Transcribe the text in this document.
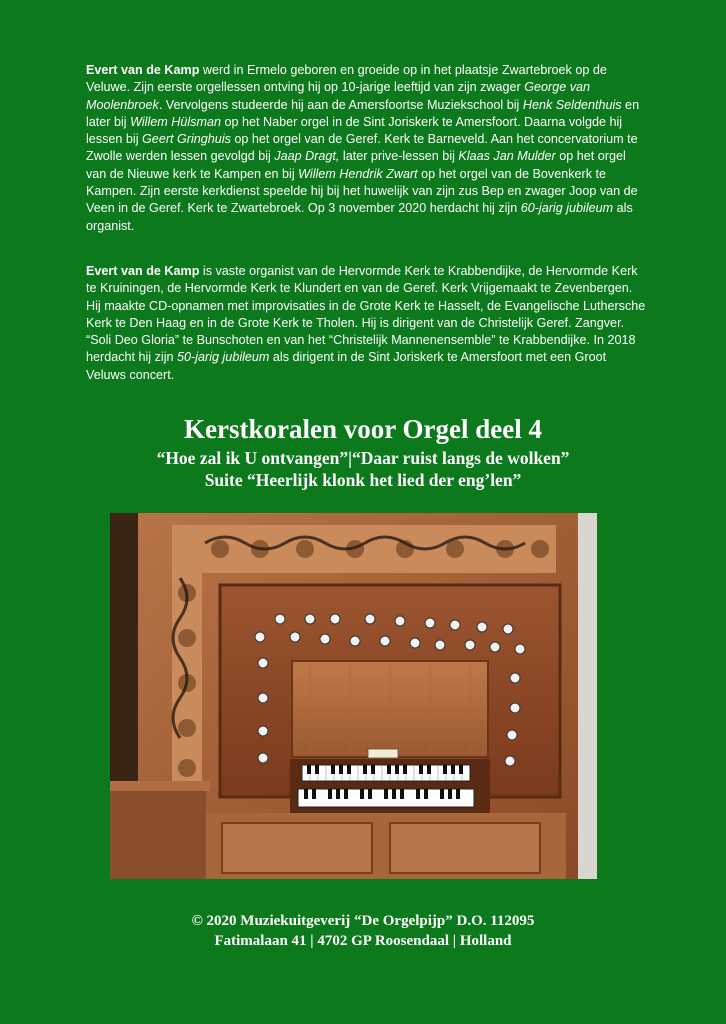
Evert van de Kamp werd in Ermelo geboren en groeide op in het plaatsje Zwartebroek op de Veluwe. Zijn eerste orgellessen ontving hij op 10-jarige leeftijd van zijn zwager George van Moolenbroek. Vervolgens studeerde hij aan de Amersfoortse Muziekschool bij Henk Seldenthuis en later bij Willem Hülsman op het Naber orgel in de Sint Joriskerk te Amersfoort. Daarna volgde hij lessen bij Geert Gringhuis op het orgel van de Geref. Kerk te Barneveld. Aan het concervatorium te Zwolle werden lessen gevolgd bij Jaap Dragt, later prive-lessen bij Klaas Jan Mulder op het orgel van de Nieuwe kerk te Kampen en bij Willem Hendrik Zwart op het orgel van de Bovenkerk te Kampen. Zijn eerste kerkdienst speelde hij bij het huwelijk van zijn zus Bep en zwager Joop van de Veen in de Geref. Kerk te Zwartebroek. Op 3 november 2020 herdacht hij zijn 60-jarig jubileum als organist.
Evert van de Kamp is vaste organist van de Hervormde Kerk te Krabbendijke, de Hervormde Kerk te Kruiningen, de Hervormde Kerk te Klundert en van de Geref. Kerk Vrijgemaakt te Zevenbergen. Hij maakte CD-opnamen met improvisaties in de Grote Kerk te Hasselt, de Evangelische Luthersche Kerk te Den Haag en in de Grote Kerk te Tholen. Hij is dirigent van de Christelijk Geref. Zangver. “Soli Deo Gloria” te Bunschoten en van het “Christelijk Mannenensemble” te Krabbendijke. In 2018 herdacht hij zijn 50-jarig jubileum als dirigent in de Sint Joriskerk te Amersfoort met een Groot Veluws concert.
Kerstkoralen voor Orgel deel 4
“Hoe zal ik U ontvangen”|“Daar ruist langs de wolken”
Suite “Heerlijk klonk het lied der eng’len”
© 2020 Muziekuitgeverij “De Orgelpijp” D.O. 112095
Fatimalaan 41 | 4702 GP Roosendaal | Holland
